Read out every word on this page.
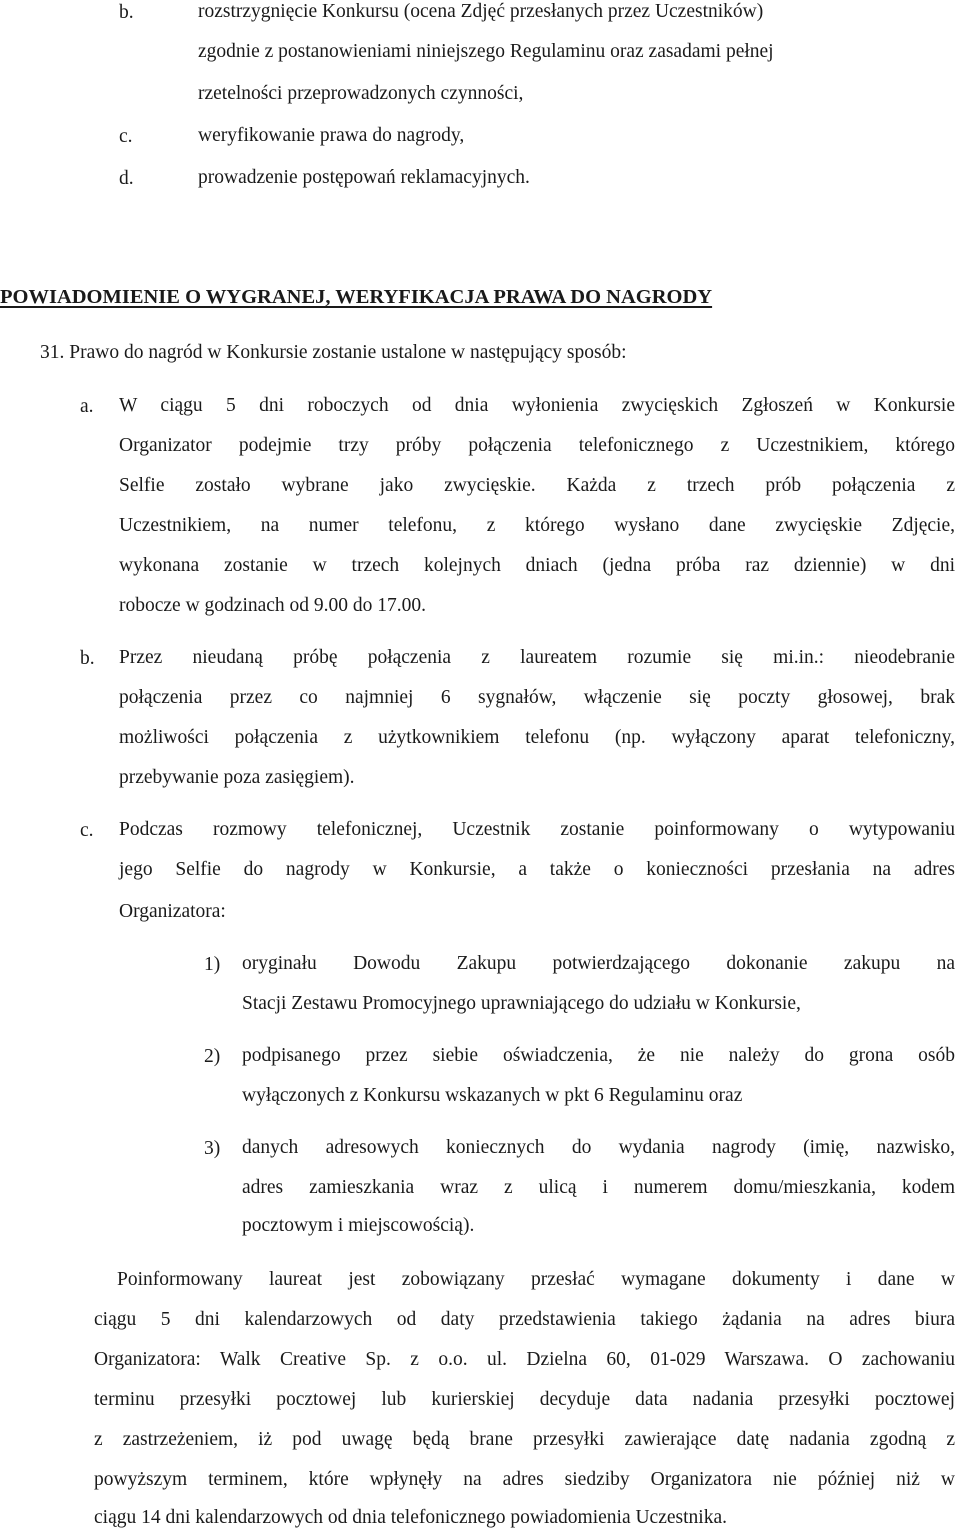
b.	rozstrzygnięcie Konkursu (ocena Zdjęć przesłanych przez Uczestników)
zgodnie z postanowieniami niniejszego Regulaminu oraz zasadami pełnej
rzetelności przeprowadzonych czynności,
c.	weryfikowanie prawa do nagrody,
d.	prowadzenie postępowań reklamacyjnych.
POWIADOMIENIE O WYGRANEJ, WERYFIKACJA PRAWA DO NAGRODY
31. Prawo do nagród w Konkursie zostanie ustalone w następujący sposób:
a. W ciągu 5 dni roboczych od dnia wyłonienia zwycięskich Zgłoszeń w Konkursie
Organizator podejmie trzy próby połączenia telefonicznego z Uczestnikiem, którego
Selfie zostało wybrane jako zwycięskie. Każda z trzech prób połączenia z
Uczestnikiem, na numer telefonu, z którego wysłano dane zwycięskie Zdjęcie,
wykonana zostanie w trzech kolejnych dniach (jedna próba raz dziennie) w dni
robocze w godzinach od 9.00 do 17.00.
b. Przez nieudaną próbę połączenia z laureatem rozumie się mi.in.: nieodebranie
połączenia przez co najmniej 6 sygnałów, włączenie się poczty głosowej, brak
możliwości połączenia z użytkownikiem telefonu (np. wyłączony aparat telefoniczny,
przebywanie poza zasięgiem).
c. Podczas rozmowy telefonicznej, Uczestnik zostanie poinformowany o wytypowaniu
jego Selfie do nagrody w Konkursie, a także o konieczności przesłania na adres
Organizatora:
1) oryginału Dowodu Zakupu potwierdzającego dokonanie zakupu na
Stacji Zestawu Promocyjnego uprawniającego do udziału w Konkursie,
2) podpisanego przez siebie oświadczenia, że nie należy do grona osób
wyłączonych z Konkursu wskazanych w pkt 6 Regulaminu oraz
3) danych adresowych koniecznych do wydania nagrody (imię, nazwisko,
adres zamieszkania wraz z ulicą i numerem domu/mieszkania, kodem
pocztowym i miejscowością).
Poinformowany laureat jest zobowiązany przesłać wymagane dokumenty i dane w
ciągu 5 dni kalendarzowych od daty przedstawienia takiego żądania na adres biura
Organizatora: Walk Creative Sp. z o.o. ul. Dzielna 60, 01-029 Warszawa. O zachowaniu
terminu przesyłki pocztowej lub kurierskiej decyduje data nadania przesyłki pocztowej
z zastrzeżeniem, iż pod uwagę będą brane przesyłki zawierające datę nadania zgodną z
powyższym terminem, które wpłynęły na adres siedziby Organizatora nie później niż w
ciągu 14 dni kalendarzowych od dnia telefonicznego powiadomienia Uczestnika.
